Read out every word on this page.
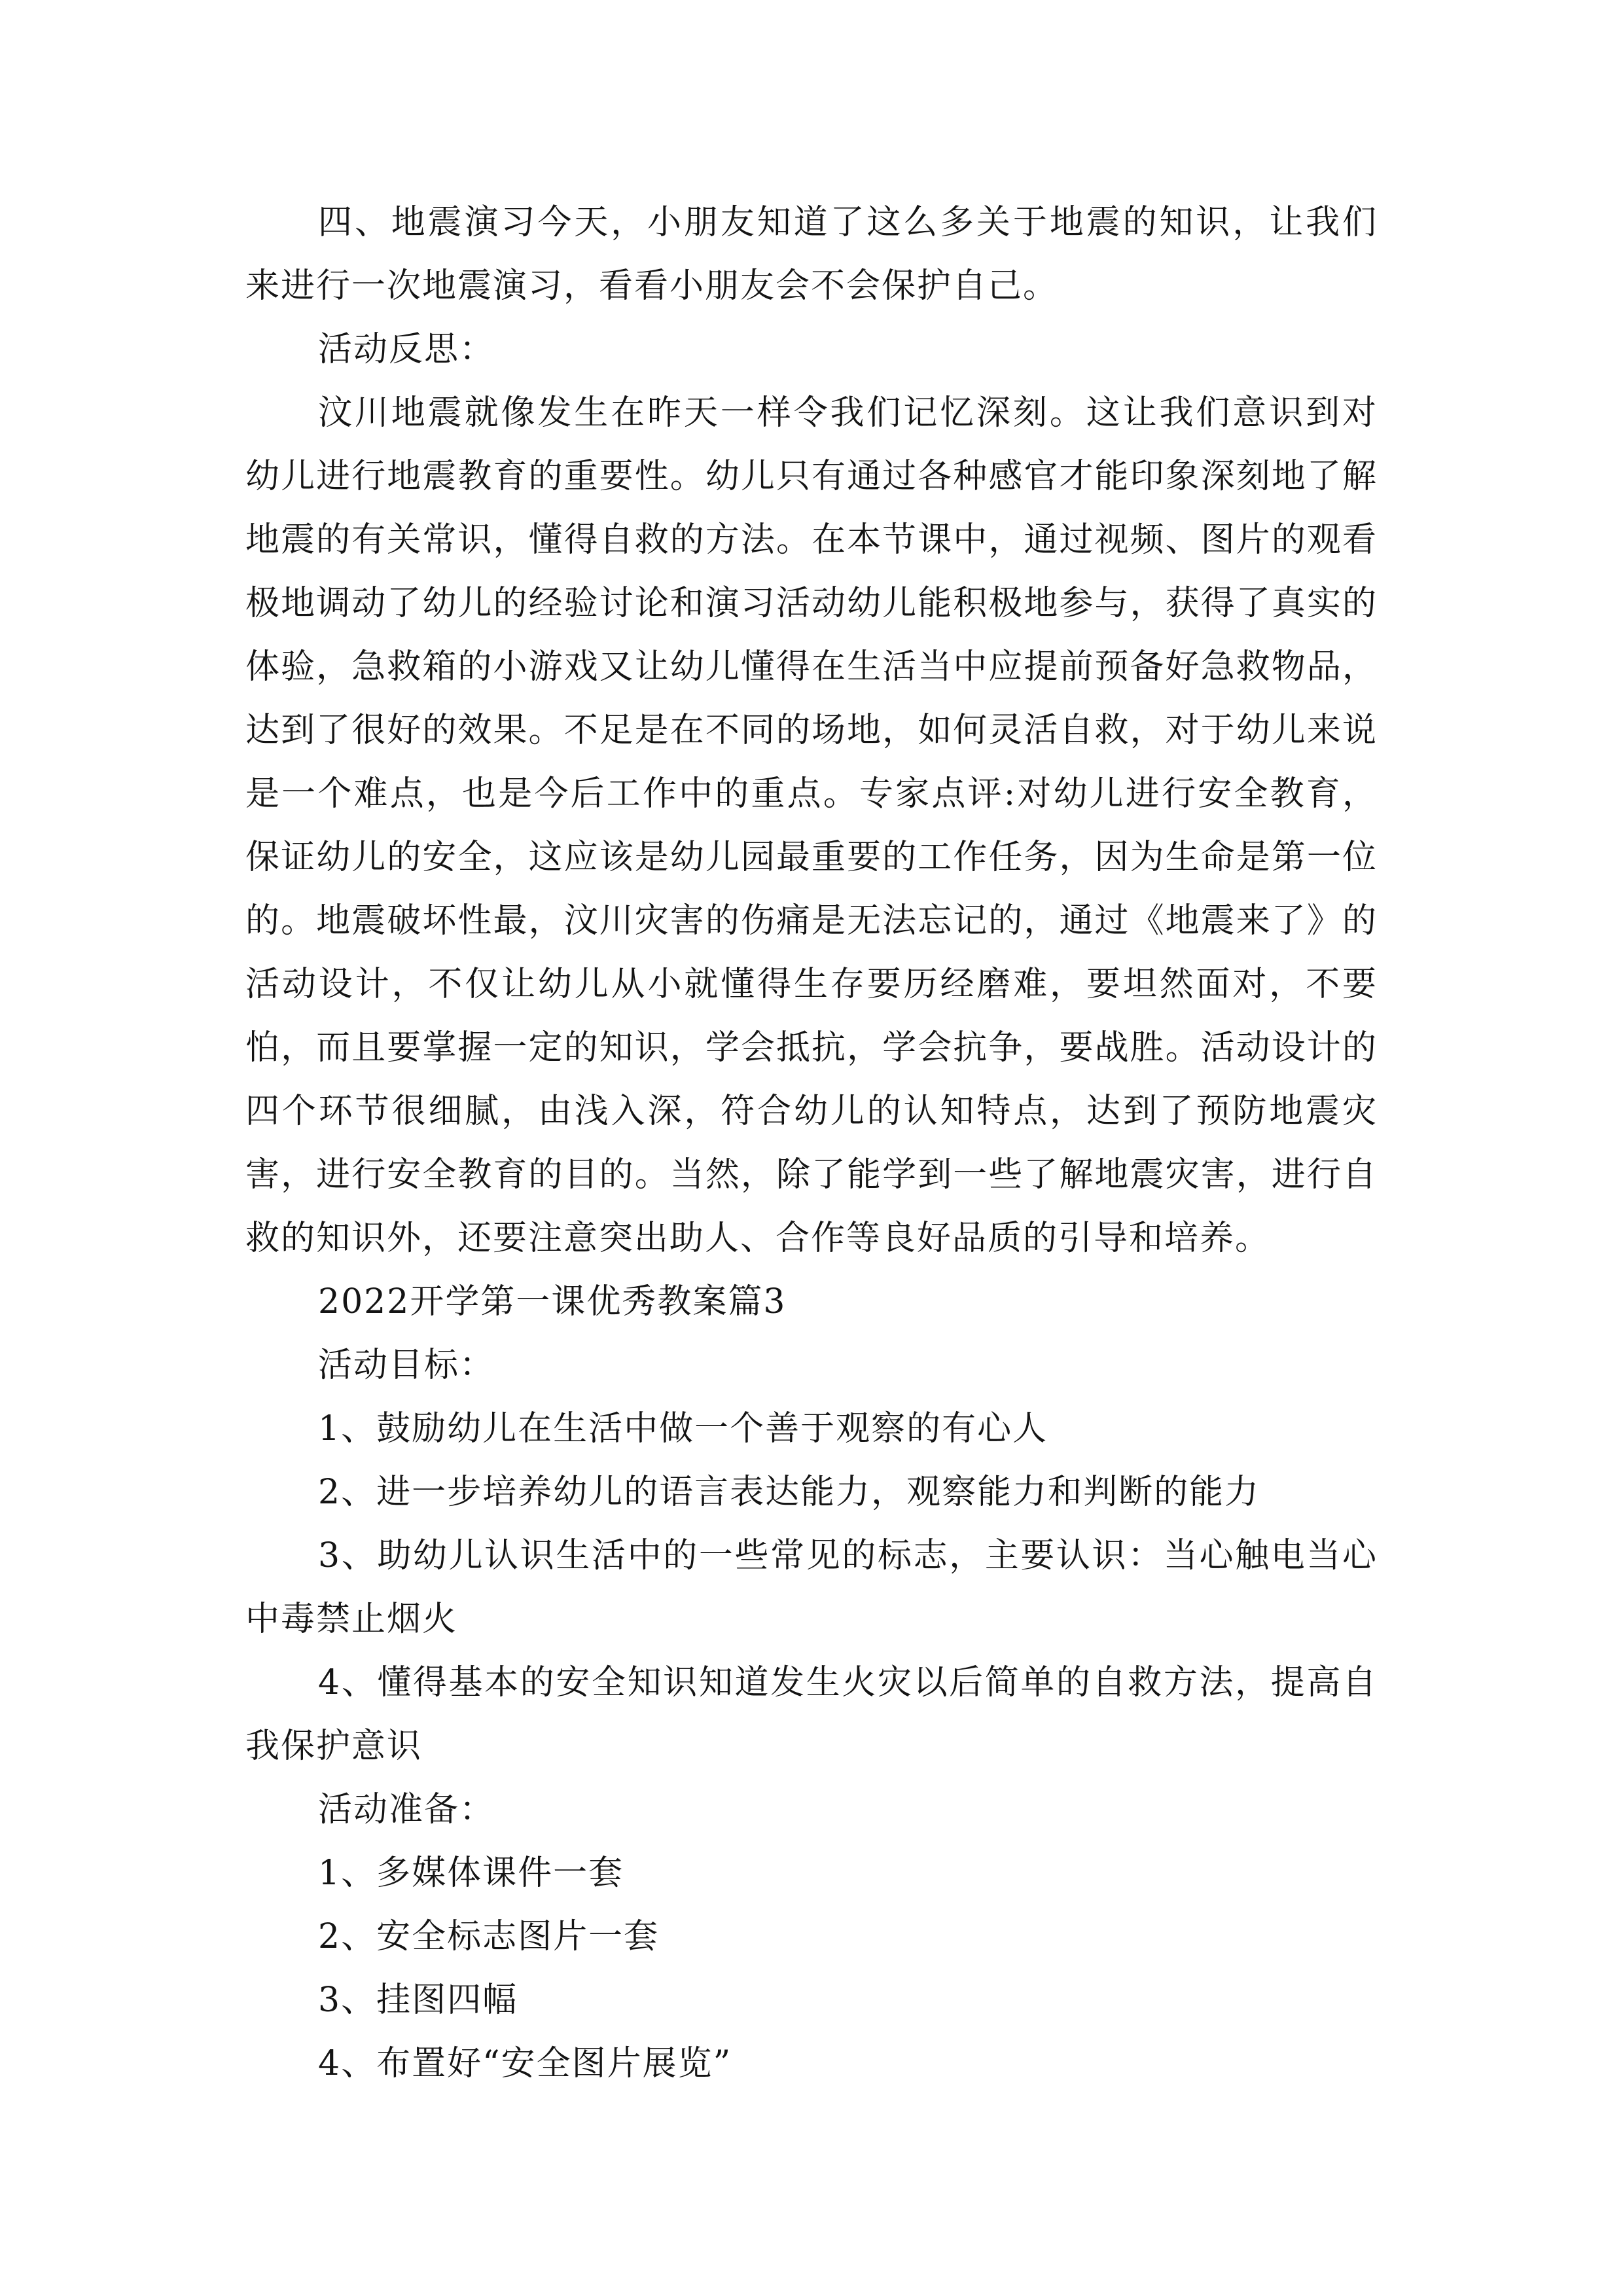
四、地震演习今天，小朋友知道了这么多关于地震的知识，让我们来进行一次地震演习，看看小朋友会不会保护自己。

活动反思：

汶川地震就像发生在昨天一样令我们记忆深刻。这让我们意识到对幼儿进行地震教育的重要性。幼儿只有通过各种感官才能印象深刻地了解地震的有关常识，懂得自救的方法。在本节课中，通过视频、图片的观看极地调动了幼儿的经验讨论和演习活动幼儿能积极地参与，获得了真实的体验，急救箱的小游戏又让幼儿懂得在生活当中应提前预备好急救物品，达到了很好的效果。不足是在不同的场地，如何灵活自救，对于幼儿来说是一个难点，也是今后工作中的重点。专家点评:对幼儿进行安全教育，保证幼儿的安全，这应该是幼儿园最重要的工作任务，因为生命是第一位的。地震破坏性最，汶川灾害的伤痛是无法忘记的，通过《地震来了》的活动设计，不仅让幼儿从小就懂得生存要历经磨难，要坦然面对，不要怕，而且要掌握一定的知识，学会抵抗，学会抗争，要战胜。活动设计的四个环节很细腻，由浅入深，符合幼儿的认知特点，达到了预防地震灾害，进行安全教育的目的。当然，除了能学到一些了解地震灾害，进行自救的知识外，还要注意突出助人、合作等良好品质的引导和培养。

2022开学第一课优秀教案篇3

活动目标：

1、鼓励幼儿在生活中做一个善于观察的有心人

2、进一步培养幼儿的语言表达能力，观察能力和判断的能力

3、助幼儿认识生活中的一些常见的标志，主要认识：当心触电当心中毒禁止烟火

4、懂得基本的安全知识知道发生火灾以后简单的自救方法，提高自我保护意识

活动准备：

1、多媒体课件一套

2、安全标志图片一套

3、挂图四幅

4、布置好“安全图片展览”
